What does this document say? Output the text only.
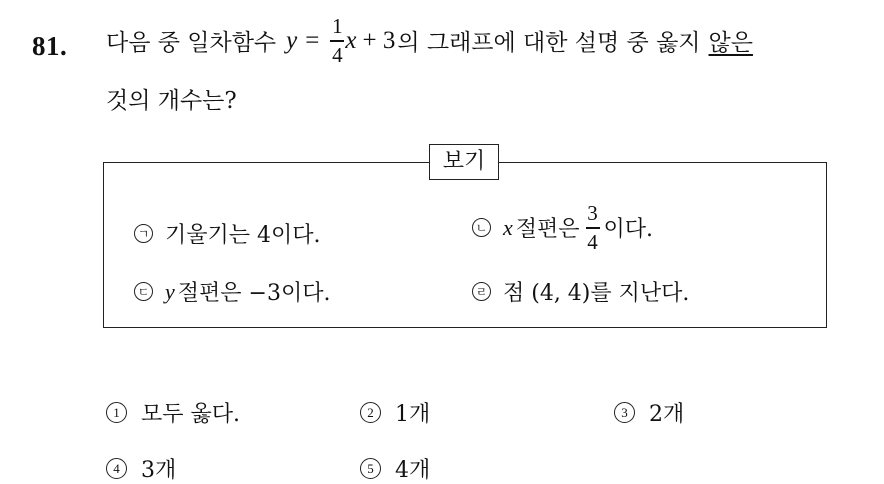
81. 다음 중 일차함수 $y = \frac{1}{4}$ x + 3 의 그래프에 대한 설명 중 옳지 않은
것의 개수는?
보기
ㄱ 기울기는 4이다.	ㄴ x 절편은 $\frac{3}{4}$ 이다.
ㄷ y 절편은 −3이다.	ㄹ 점 (4, 4)를 지난다.
1 모두 옳다.	2 1개	3 2개
4 3개	5 4개
